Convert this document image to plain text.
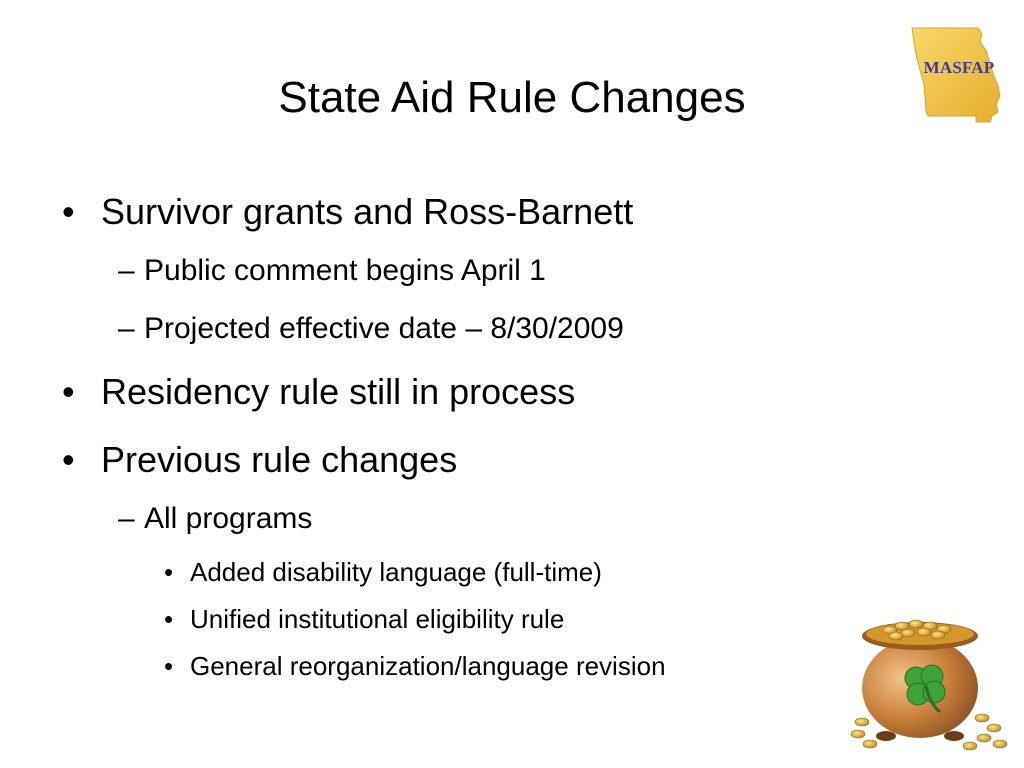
State Aid Rule Changes
MASFAP
• Survivor grants and Ross-Barnett
– Public comment begins April 1
– Projected effective date – 8/30/2009
• Residency rule still in process
• Previous rule changes
– All programs
• Added disability language (full-time)
• Unified institutional eligibility rule
• General reorganization/language revision
